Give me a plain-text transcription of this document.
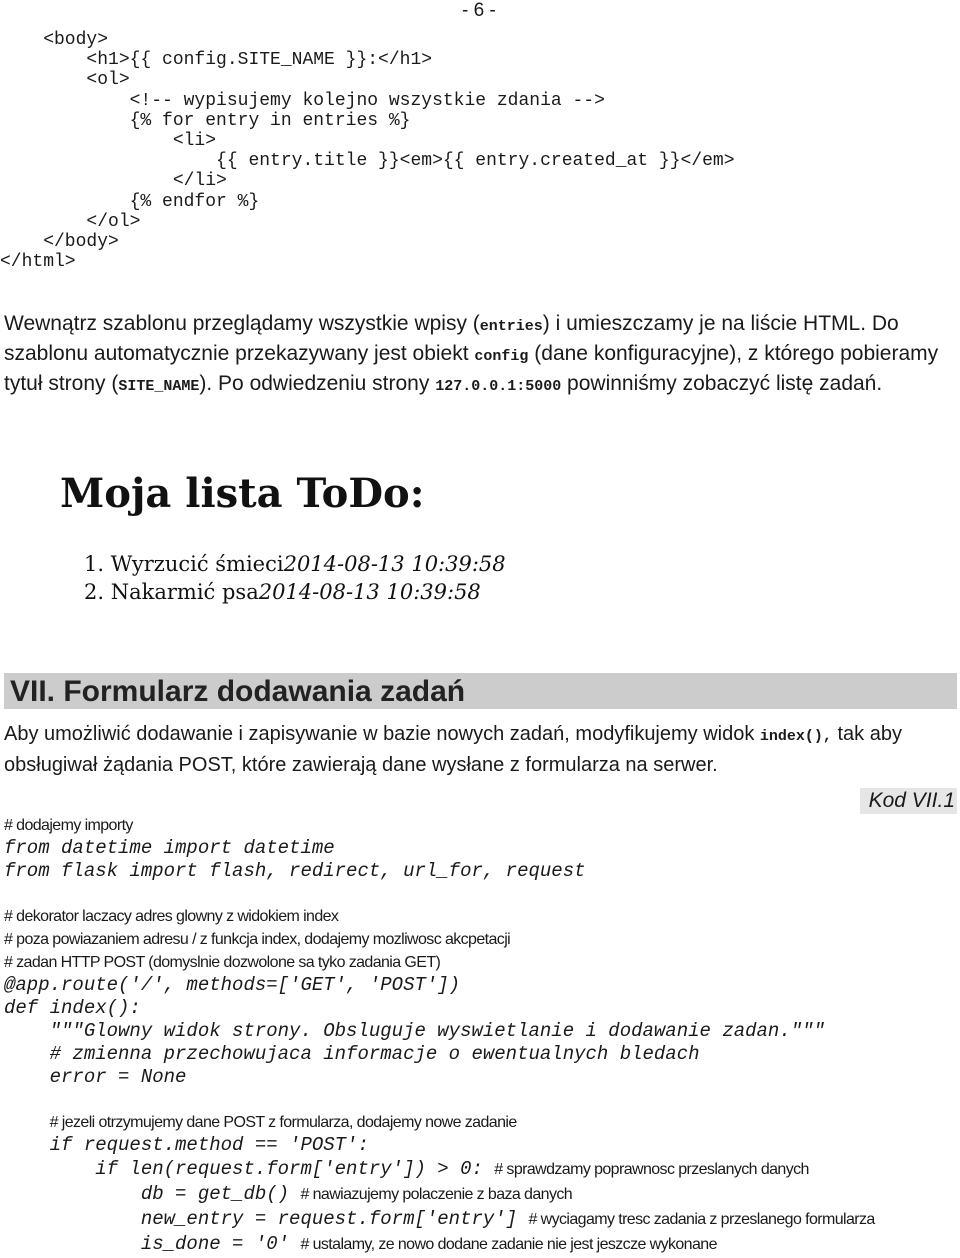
- 6 -
<body>
<h1>{{ config.SITE_NAME }}:</h1>
<ol>
<!-- wypisujemy kolejno wszystkie zdania -->
{% for entry in entries %}
<li>
{{ entry.title }}<em>{{ entry.created_at }}</em>
</li>
{% endfor %}
</ol>
</body>
</html>
Wewnątrz szablonu przeglądamy wszystkie wpisy (entries) i umieszczamy je na liście HTML. Do szablonu automatycznie przekazywany jest obiekt config (dane konfiguracyjne), z którego pobieramy tytuł strony (SITE_NAME). Po odwiedzeniu strony 127.0.0.1:5000 powinniśmy zobaczyć listę zadań.
Moja lista ToDo:
1. Wyrzucić śmieci2014-08-13 10:39:58
2. Nakarmić psa2014-08-13 10:39:58
VII. Formularz dodawania zadań
Aby umożliwić dodawanie i zapisywanie w bazie nowych zadań, modyfikujemy widok index(), tak aby obsługiwał żądania POST, które zawierają dane wysłane z formularza na serwer.
Kod VII.1
# dodajemy importy
from datetime import datetime
from flask import flash, redirect, url_for, request
# dekorator laczacy adres glowny z widokiem index
# poza powiazaniem adresu / z funkcja index, dodajemy mozliwosc akcpetacji
# zadan HTTP POST (domyslnie dozwolone sa tyko zadania GET)
@app.route('/', methods=['GET', 'POST'])
def index():
"""Glowny widok strony. Obsluguje wyswietlanie i dodawanie zadan."""
# zmienna przechowujaca informacje o ewentualnych bledach
error = None
# jezeli otrzymujemy dane POST z formularza, dodajemy nowe zadanie
if request.method == 'POST':
if len(request.form['entry']) > 0: # sprawdzamy poprawnosc przeslanych danych
db = get_db() # nawiazujemy polaczenie z baza danych
new_entry = request.form['entry'] # wyciagamy tresc zadania z przeslanego formularza
is_done = '0' # ustalamy, ze nowo dodane zadanie nie jest jeszcze wykonane
